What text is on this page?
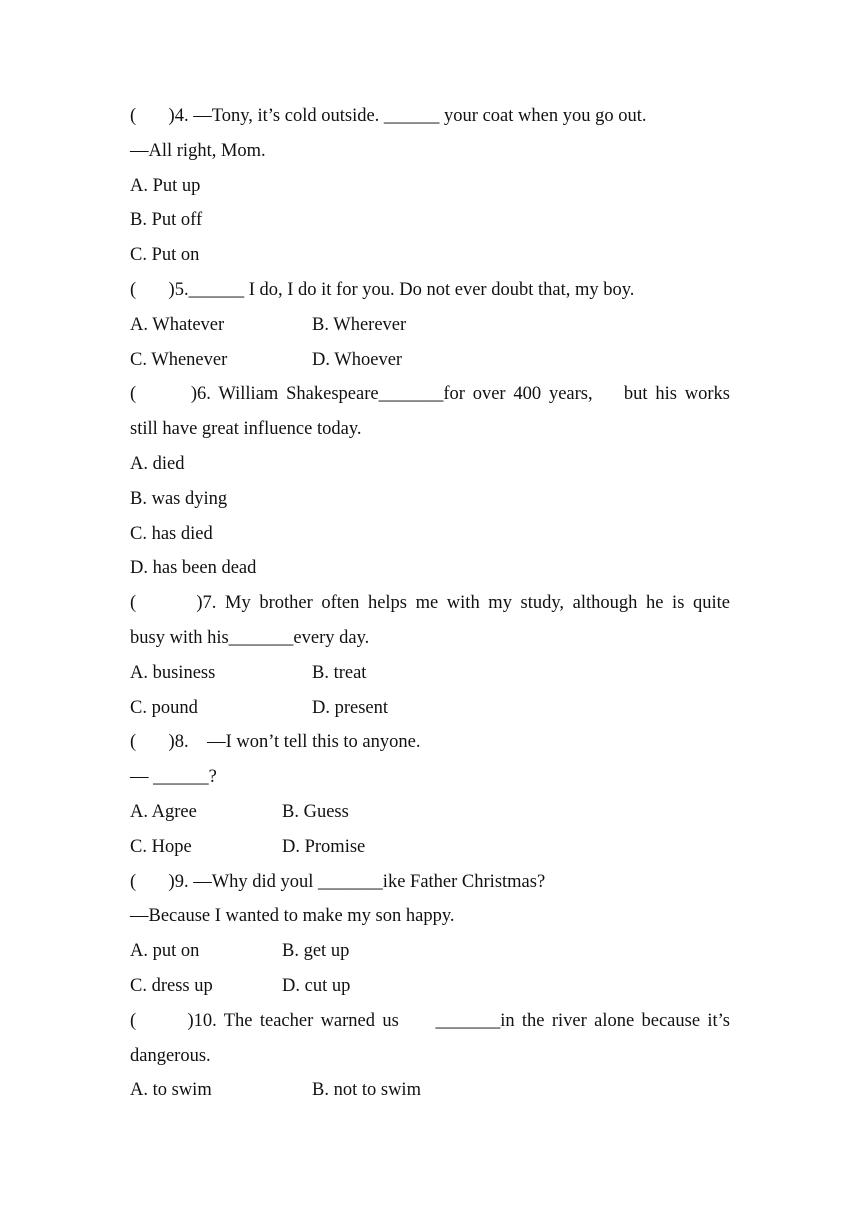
(       )4. —Tony, it’s cold outside. ______ your coat when you go out.
—All right, Mom.
A. Put up
B. Put off
C. Put on
(       )5.______ I do, I do it for you. Do not ever doubt that, my boy.
A. Whatever	B. Wherever
C. Whenever	D. Whoever
(       )6. William Shakespeare_______for over 400 years,    but his works
still have great influence today.
A. died
B. was dying
C. has died
D. has been dead
(       )7. My brother often helps me with my study, although he is quite
busy with his_______every day.
A. business	B. treat
C. pound	D. present
(       )8.    —I won’t tell this to anyone.
— ______?
A. Agree	B. Guess
C. Hope	D. Promise
(       )9. —Why did youl _______ike Father Christmas?
—Because I wanted to make my son happy.
A. put on	B. get up
C. dress up	D. cut up
(       )10. The teacher warned us     _______in the river alone because it’s
dangerous.
A. to swim	B. not to swim
